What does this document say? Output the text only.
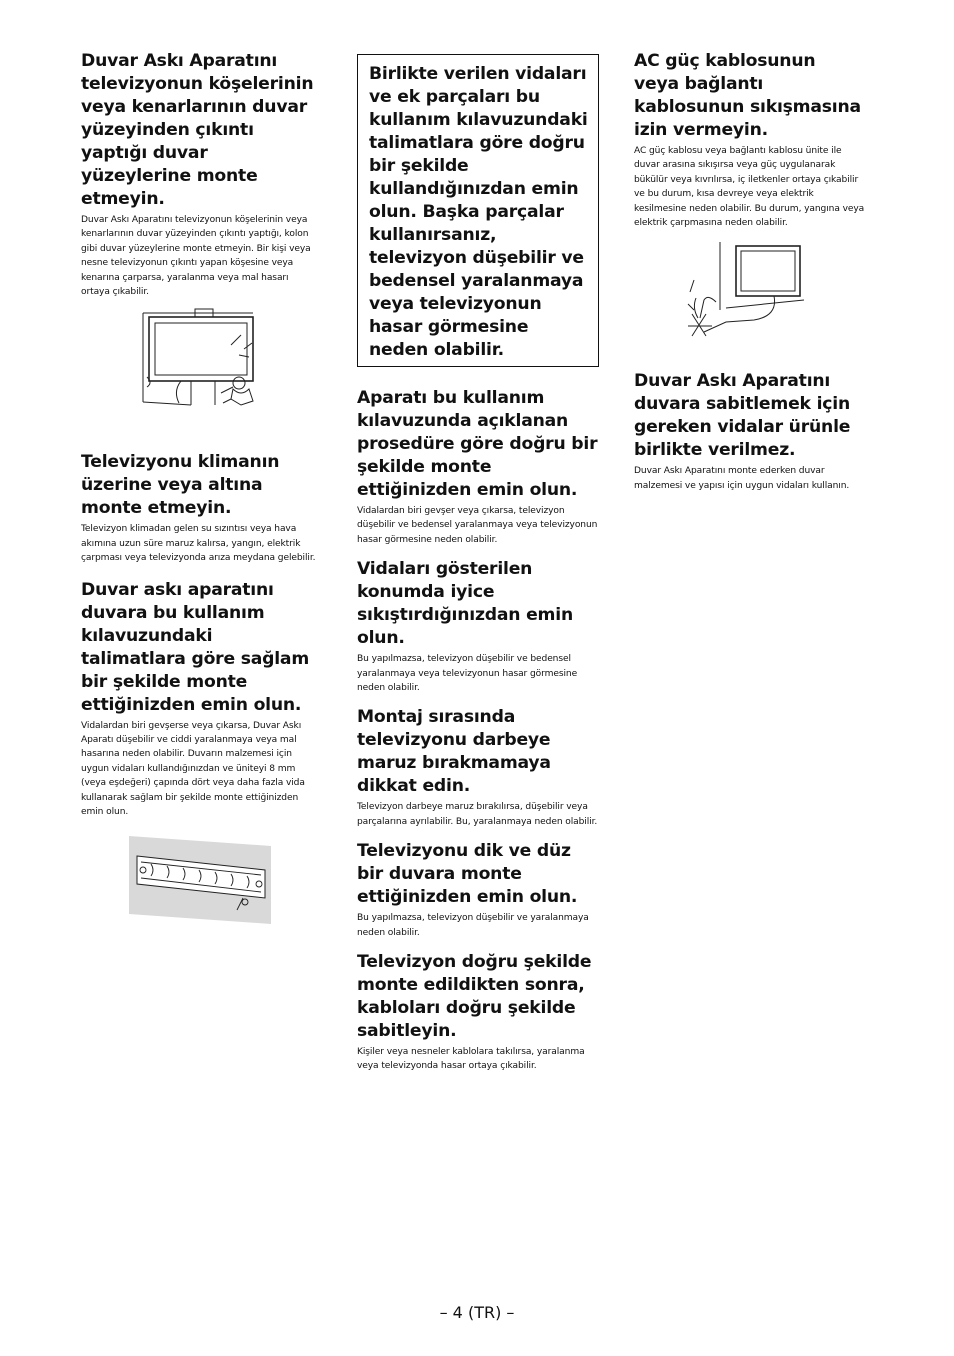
Duvar Askı Aparatını televizyonun köşelerinin veya kenarlarının duvar yüzeyinden çıkıntı yaptığı duvar yüzeylerine monte etmeyin.

Duvar Askı Aparatını televizyonun köşelerinin veya kenarlarının duvar yüzeyinden çıkıntı yaptığı, kolon gibi duvar yüzeylerine monte etmeyin. Bir kişi veya nesne televizyonun çıkıntı yapan köşesine veya kenarına çarparsa, yaralanma veya mal hasarı ortaya çıkabilir.

Televizyonu klimanın üzerine veya altına monte etmeyin.

Televizyon klimadan gelen su sızıntısı veya hava akımına uzun süre maruz kalırsa, yangın, elektrik çarpması veya televizyonda arıza meydana gelebilir.

Duvar askı aparatını duvara bu kullanım kılavuzundaki talimatlara göre sağlam bir şekilde monte ettiğinizden emin olun.

Vidalardan biri gevşerse veya çıkarsa, Duvar Askı Aparatı düşebilir ve ciddi yaralanmaya veya mal hasarına neden olabilir. Duvarın malzemesi için uygun vidaları kullandığınızdan ve üniteyi 8 mm (veya eşdeğeri) çapında dört veya daha fazla vida kullanarak sağlam bir şekilde monte ettiğinizden emin olun.

Birlikte verilen vidaları ve ek parçaları bu kullanım kılavuzundaki talimatlara göre doğru bir şekilde kullandığınızdan emin olun. Başka parçalar kullanırsanız, televizyon düşebilir ve bedensel yaralanmaya veya televizyonun hasar görmesine neden olabilir.
Aparatı bu kullanım kılavuzunda açıklanan prosedüre göre doğru bir şekilde monte ettiğinizden emin olun.

Vidalardan biri gevşer veya çıkarsa, televizyon düşebilir ve bedensel yaralanmaya veya televizyonun hasar görmesine neden olabilir.

Vidaları gösterilen konumda iyice sıkıştırdığınızdan emin olun.

Bu yapılmazsa, televizyon düşebilir ve bedensel yaralanmaya veya televizyonun hasar görmesine neden olabilir.

Montaj sırasında televizyonu darbeye maruz bırakmamaya dikkat edin.

Televizyon darbeye maruz bırakılırsa, düşebilir veya parçalarına ayrılabilir. Bu, yaralanmaya neden olabilir.

Televizyonu dik ve düz bir duvara monte ettiğinizden emin olun.

Bu yapılmazsa, televizyon düşebilir ve yaralanmaya neden olabilir.

Televizyon doğru şekilde monte edildikten sonra, kabloları doğru şekilde sabitleyin.

Kişiler veya nesneler kablolara takılırsa, yaralanma veya televizyonda hasar ortaya çıkabilir.

AC güç kablosunun veya bağlantı kablosunun sıkışmasına izin vermeyin.

AC güç kablosu veya bağlantı kablosu ünite ile duvar arasına sıkışırsa veya güç uygulanarak bükülür veya kıvrılırsa, iç iletkenler ortaya çıkabilir ve bu durum, kısa devreye veya elektrik kesilmesine neden olabilir. Bu durum, yangına veya elektrik çarpmasına neden olabilir.

Duvar Askı Aparatını duvara sabitlemek için gereken vidalar ürünle birlikte verilmez.

Duvar Askı Aparatını monte ederken duvar malzemesi ve yapısı için uygun vidaları kullanın.

– 4 (TR) –
